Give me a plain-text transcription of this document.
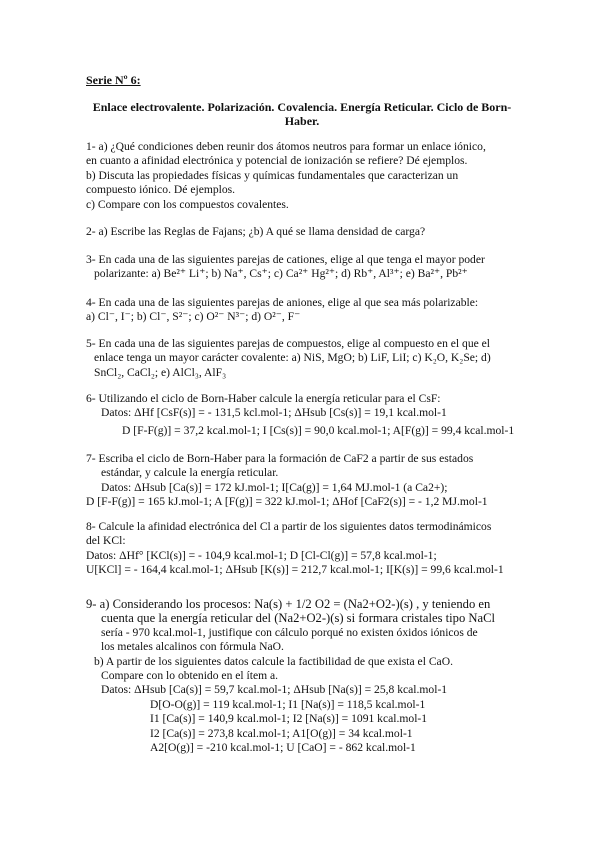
Serie Nº 6:
Enlace electrovalente. Polarización. Covalencia. Energía Reticular. Ciclo de Born-
Haber.
1- a) ¿Qué condiciones deben reunir dos átomos neutros para formar un enlace iónico,
en cuanto a afinidad electrónica y potencial de ionización se refiere? Dé ejemplos.
b) Discuta las propiedades físicas y químicas fundamentales que caracterizan un
compuesto iónico. Dé ejemplos.
c) Compare con los compuestos covalentes.
2- a) Escribe las Reglas de Fajans; ¿b) A qué se llama densidad de carga?
3- En cada una de las siguientes parejas de cationes, elige al que tenga el mayor poder
polarizante: a) Be²⁺ Li⁺; b) Na⁺, Cs⁺; c) Ca²⁺ Hg²⁺; d) Rb⁺, Al³⁺; e) Ba²⁺, Pb²⁺
4- En cada una de las siguientes parejas de aniones, elige al que sea más polarizable:
a) Cl⁻, I⁻; b) Cl⁻, S²⁻; c) O²⁻ N³⁻; d) O²⁻, F⁻
5- En cada una de las siguientes parejas de compuestos, elige al compuesto en el que el
enlace tenga un mayor carácter covalente: a) NiS, MgO; b) LiF, LiI; c) K₂O, K₂Se; d)
SnCl₂, CaCl₂; e) AlCl₃, AlF₃
6- Utilizando el ciclo de Born-Haber calcule la energía reticular para el CsF:
Datos: ΔHf [CsF(s)] = - 131,5 kcl.mol-1; ΔHsub [Cs(s)] = 19,1 kcal.mol-1
D [F-F(g)] = 37,2 kcal.mol-1; I [Cs(s)] = 90,0 kcal.mol-1; A[F(g)] = 99,4 kcal.mol-1
7- Escriba el ciclo de Born-Haber para la formación de CaF2 a partir de sus estados
estándar, y calcule la energía reticular.
Datos: ΔHsub [Ca(s)] = 172 kJ.mol-1; I[Ca(g)] = 1,64 MJ.mol-1 (a Ca2+);
D [F-F(g)] = 165 kJ.mol-1; A [F(g)] = 322 kJ.mol-1; ΔHof [CaF2(s)] = - 1,2 MJ.mol-1
8- Calcule la afinidad electrónica del Cl a partir de los siguientes datos termodinámicos
del KCl:
Datos: ΔHf° [KCl(s)] = - 104,9 kcal.mol-1; D [Cl-Cl(g)] = 57,8 kcal.mol-1;
U[KCl] = - 164,4 kcal.mol-1; ΔHsub [K(s)] = 212,7 kcal.mol-1; I[K(s)] = 99,6 kcal.mol-1
9- a) Considerando los procesos: Na(s) + 1/2 O2 = (Na2+O2-)(s) , y teniendo en
cuenta que la energía reticular del (Na2+O2-)(s) si formara cristales tipo NaCl
sería - 970 kcal.mol-1, justifique con cálculo porqué no existen óxidos iónicos de
los metales alcalinos con fórmula NaO.
b) A partir de los siguientes datos calcule la factibilidad de que exista el CaO.
Compare con lo obtenido en el ítem a.
Datos: ΔHsub [Ca(s)] = 59,7 kcal.mol-1; ΔHsub [Na(s)] = 25,8 kcal.mol-1
D[O-O(g)] = 119 kcal.mol-1; I1 [Na(s)] = 118,5 kcal.mol-1
I1 [Ca(s)] = 140,9 kcal.mol-1; I2 [Na(s)] = 1091 kcal.mol-1
I2 [Ca(s)] = 273,8 kcal.mol-1; A1[O(g)] = 34 kcal.mol-1
A2[O(g)] = -210 kcal.mol-1; U [CaO] = - 862 kcal.mol-1
